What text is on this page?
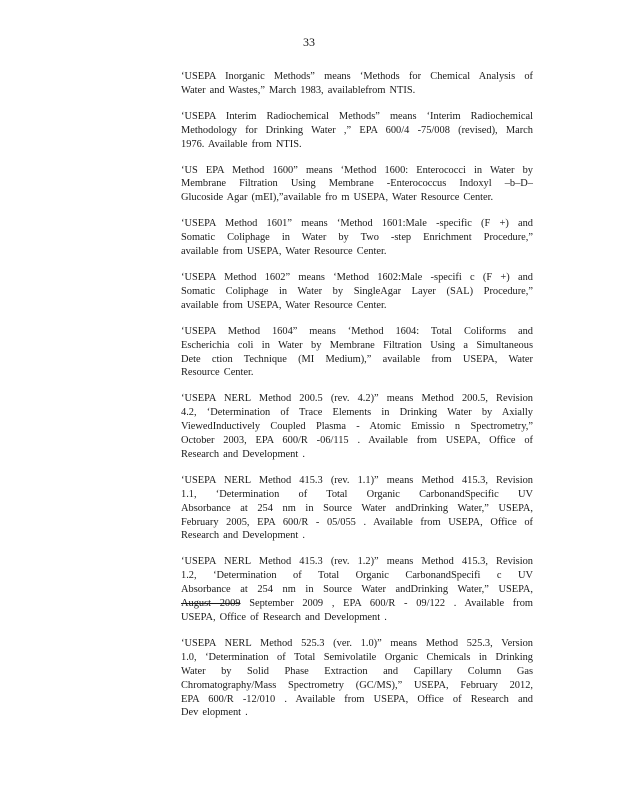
33
‘USEPA Inorganic Methods” means ‘Methods for Chemical Analysis of
Water and Wastes,” March 1983, availablefrom NTIS.
‘USEPA Interim Radiochemical Methods” means ‘Interim Radiochemical
Methodology for Drinking Water ,” EPA 600/4 -75/008 (revised), March
1976. Available from NTIS.
‘US EPA Method 1600” means ‘Method 1600: Enterococci in Water by
Membrane Filtration Using Membrane -Enterococcus Indoxyl –b–D–
Glucoside Agar (mEI),”available fro m USEPA, Water Resource Center.
‘USEPA Method 1601” means ‘Method 1601:Male -specific (F +) and
Somatic Coliphage in Water by Two -step Enrichment Procedure,”
available from USEPA, Water Resource Center.
‘USEPA Method 1602” means ‘Method 1602:Male -specifi c (F +) and
Somatic Coliphage in Water by SingleAgar Layer (SAL) Procedure,”
available from USEPA, Water Resource Center.
‘USEPA Method 1604” means ‘Method 1604: Total Coliforms and
Escherichia coli in Water by Membrane Filtration Using a Simultaneous
Dete ction Technique (MI Medium),” available from USEPA, Water
Resource Center.
‘USEPA NERL Method 200.5 (rev. 4.2)” means Method 200.5, Revision
4.2, ‘Determination of Trace Elements in Drinking Water by Axially
ViewedInductively Coupled Plasma - Atomic Emissio n Spectrometry,”
October 2003, EPA 600/R -06/115 . Available from USEPA, Office of
Research and Development .
‘USEPA NERL Method 415.3 (rev. 1.1)” means Method 415.3, Revision
1.1, ‘Determination of Total Organic CarbonandSpecific UV
Absorbance at 254 nm in Source Water andDrinking Water,” USEPA,
February 2005, EPA 600/R - 05/055 . Available from USEPA, Office of
Research and Development .
‘USEPA NERL Method 415.3 (rev. 1.2)” means Method 415.3, Revision
1.2, ‘Determination of Total Organic CarbonandSpecifi c UV
Absorbance at 254 nm in Source Water andDrinking Water,” USEPA,
August 2009 September 2009 , EPA 600/R - 09/122 . Available from
USEPA, Office of Research and Development .
‘USEPA NERL Method 525.3 (ver. 1.0)” means Method 525.3, Version
1.0, ‘Determination of Total Semivolatile Organic Chemicals in Drinking
Water by Solid Phase Extraction and Capillary Column Gas
Chromatography/Mass Spectrometry (GC/MS),” USEPA, February 2012,
EPA 600/R -12/010 . Available from USEPA, Office of Research and
Dev elopment .
